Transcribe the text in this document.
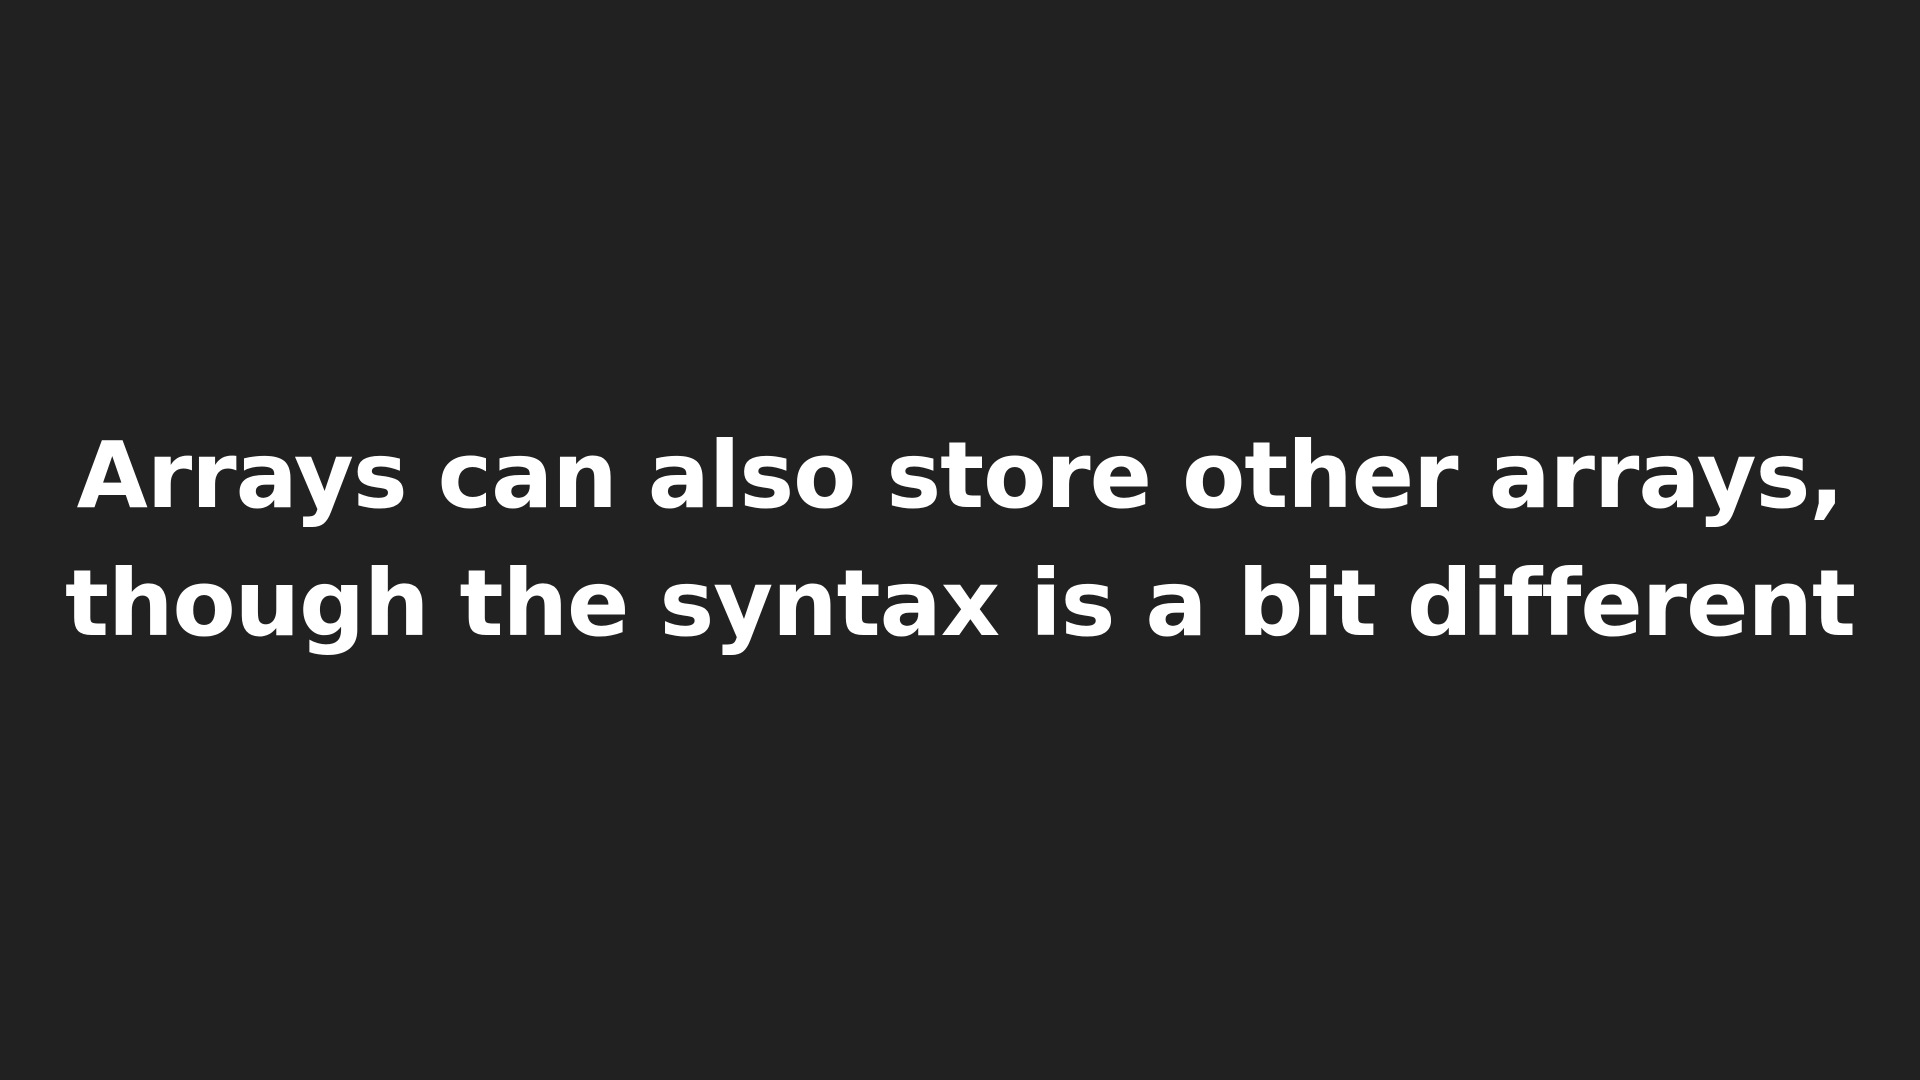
Arrays can also store other arrays,
though the syntax is a bit different
